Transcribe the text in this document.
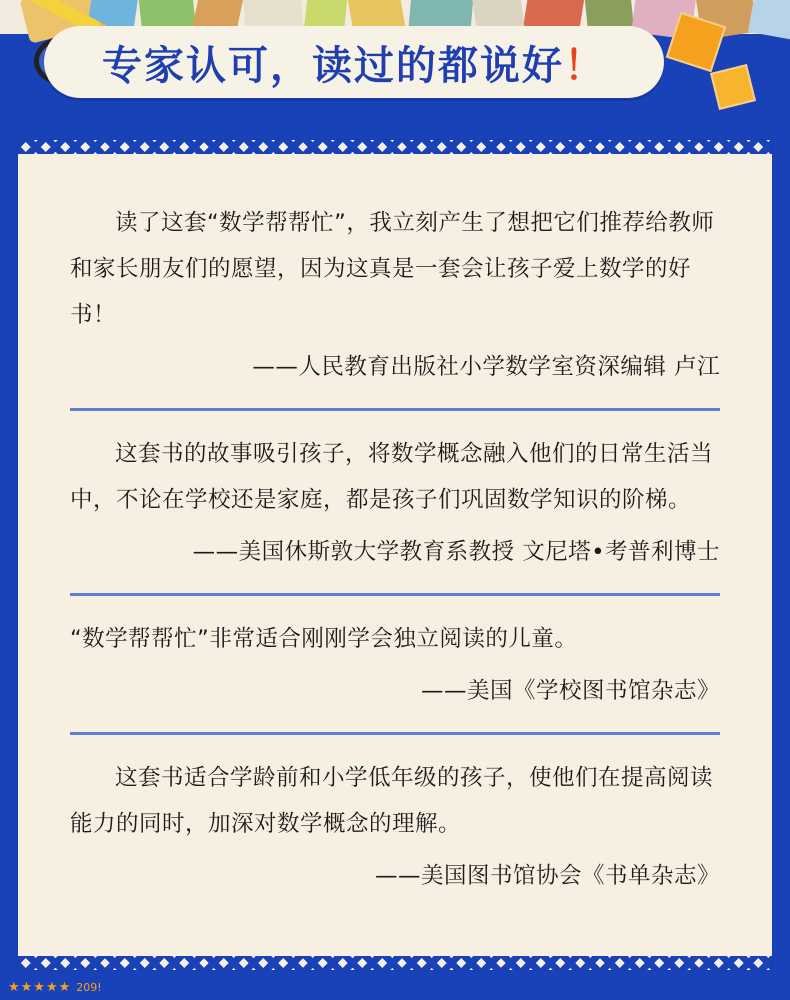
专家认可，读过的都说好！
读了这套“数学帮帮忙”，我立刻产生了想把它们推荐给教师和家长朋友们的愿望，因为这真是一套会让孩子爱上数学的好书！
——人民教育出版社小学数学室资深编辑 卢江
这套书的故事吸引孩子，将数学概念融入他们的日常生活当中，不论在学校还是家庭，都是孩子们巩固数学知识的阶梯。
——美国休斯敦大学教育系教授 文尼塔•考普利博士
“数学帮帮忙”非常适合刚刚学会独立阅读的儿童。
——美国《学校图书馆杂志》
这套书适合学龄前和小学低年级的孩子，使他们在提高阅读能力的同时，加深对数学概念的理解。
——美国图书馆协会《书单杂志》
★★★★★ 209!
